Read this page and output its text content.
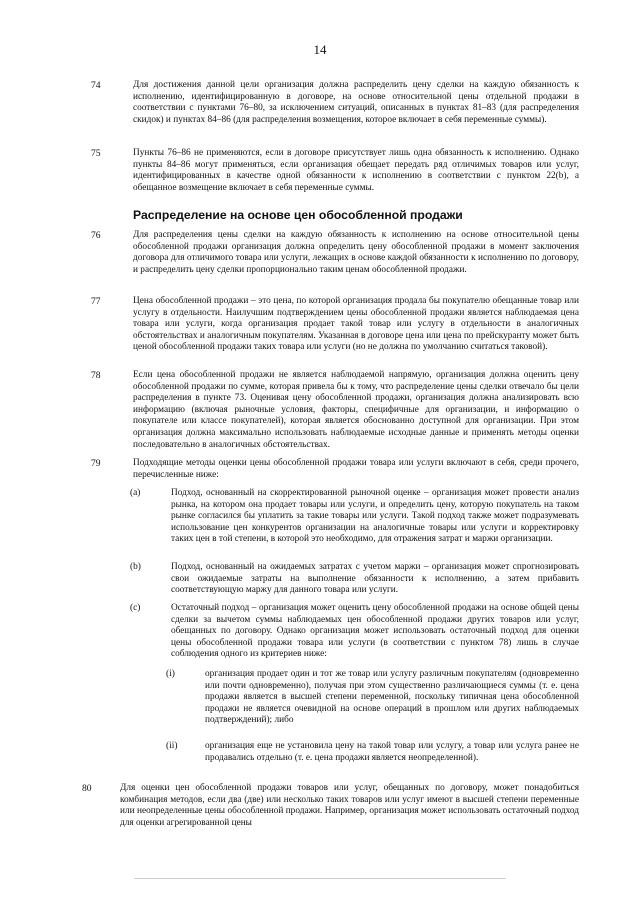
14
74	Для достижения данной цели организация должна распределить цену сделки на каждую обязанность к исполнению, идентифицированную в договоре, на основе относительной цены отдельной продажи в соответствии с пунктами 76–80, за исключением ситуаций, описанных в пунктах 81–83 (для распределения скидок) и пунктах 84–86 (для распределения возмещения, которое включает в себя переменные суммы).
75	Пункты 76–86 не применяются, если в договоре присутствует лишь одна обязанность к исполнению. Однако пункты 84–86 могут применяться, если организация обещает передать ряд отличимых товаров или услуг, идентифицированных в качестве одной обязанности к исполнению в соответствии с пунктом 22(b), а обещанное возмещение включает в себя переменные суммы.
Распределение на основе цен обособленной продажи
76	Для распределения цены сделки на каждую обязанность к исполнению на основе относительной цены обособленной продажи организация должна определить цену обособленной продажи в момент заключения договора для отличимого товара или услуги, лежащих в основе каждой обязанности к исполнению по договору, и распределить цену сделки пропорционально таким ценам обособленной продажи.
77	Цена обособленной продажи – это цена, по которой организация продала бы покупателю обещанные товар или услугу в отдельности. Наилучшим подтверждением цены обособленной продажи является наблюдаемая цена товара или услуги, когда организация продает такой товар или услугу в отдельности в аналогичных обстоятельствах и аналогичным покупателям. Указанная в договоре цена или цена по прейскуранту может быть ценой обособленной продажи таких товара или услуги (но не должна по умолчанию считаться таковой).
78	Если цена обособленной продажи не является наблюдаемой напрямую, организация должна оценить цену обособленной продажи по сумме, которая привела бы к тому, что распределение цены сделки отвечало бы цели распределения в пункте 73. Оценивая цену обособленной продажи, организация должна анализировать всю информацию (включая рыночные условия, факторы, специфичные для организации, и информацию о покупателе или классе покупателей), которая является обоснованно доступной для организации. При этом организация должна максимально использовать наблюдаемые исходные данные и применять методы оценки последовательно в аналогичных обстоятельствах.
79	Подходящие методы оценки цены обособленной продажи товара или услуги включают в себя, среди прочего, перечисленные ниже:
(a)	Подход, основанный на скорректированной рыночной оценке – организация может провести анализ рынка, на котором она продает товары или услуги, и определить цену, которую покупатель на таком рынке согласился бы уплатить за такие товары или услуги. Такой подход также может подразумевать использование цен конкурентов организации на аналогичные товары или услуги и корректировку таких цен в той степени, в которой это необходимо, для отражения затрат и маржи организации.
(b)	Подход, основанный на ожидаемых затратах с учетом маржи – организация может спрогнозировать свои ожидаемые затраты на выполнение обязанности к исполнению, а затем прибавить соответствующую маржу для данного товара или услуги.
(c)	Остаточный подход – организация может оценить цену обособленной продажи на основе общей цены сделки за вычетом суммы наблюдаемых цен обособленной продажи других товаров или услуг, обещанных по договору. Однако организация может использовать остаточный подход для оценки цены обособленной продажи товара или услуги (в соответствии с пунктом 78) лишь в случае соблюдения одного из критериев ниже:
(i)	организация продает один и тот же товар или услугу различным покупателям (одновременно или почти одновременно), получая при этом существенно различающиеся суммы (т. е. цена продажи является в высшей степени переменной, поскольку типичная цена обособленной продажи не является очевидной на основе операций в прошлом или других наблюдаемых подтверждений); либо
(ii)	организация еще не установила цену на такой товар или услугу, а товар или услуга ранее не продавались отдельно (т. е. цена продажи является неопределенной).
80	Для оценки цен обособленной продажи товаров или услуг, обещанных по договору, может понадобиться комбинация методов, если два (две) или несколько таких товаров или услуг имеют в высшей степени переменные или неопределенные цены обособленной продажи. Например, организация может использовать остаточный подход для оценки агрегированной цены
